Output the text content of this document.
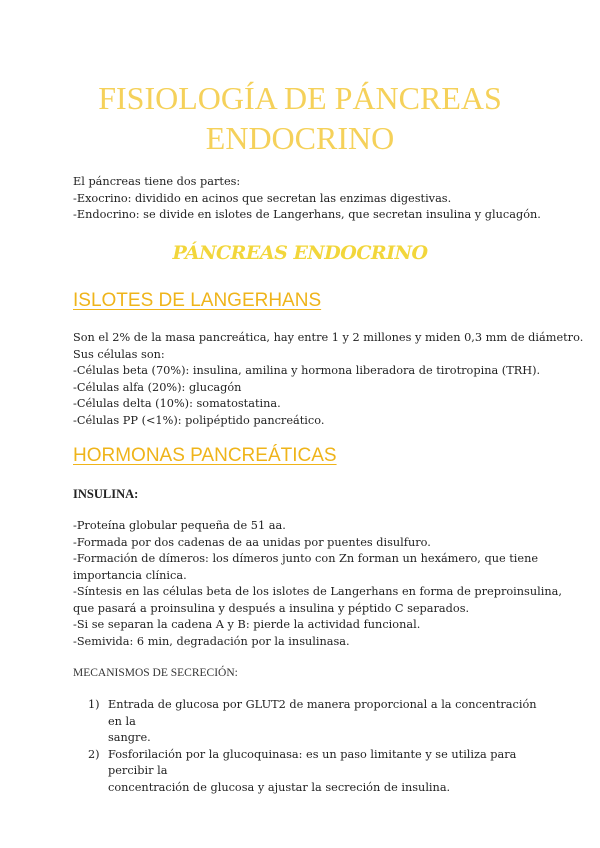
FISIOLOGÍA DE PÁNCREAS
ENDOCRINO
El páncreas tiene dos partes:
-Exocrino: dividido en acinos que secretan las enzimas digestivas.
-Endocrino: se divide en islotes de Langerhans, que secretan insulina y glucagón.
PÁNCREAS ENDOCRINO
ISLOTES DE LANGERHANS
Son el 2% de la masa pancreática, hay entre 1 y 2 millones y miden 0,3 mm de diámetro.
Sus células son:
-Células beta (70%): insulina, amilina y hormona liberadora de tirotropina (TRH).
-Células alfa (20%): glucagón
-Células delta (10%): somatostatina.
-Células PP (<1%): polipéptido pancreático.
HORMONAS PANCREÁTICAS
INSULINA:
-Proteína globular pequeña de 51 aa.
-Formada por dos cadenas de aa unidas por puentes disulfuro.
-Formación de dímeros: los dímeros junto con Zn forman un hexámero, que tiene
importancia clínica.
-Síntesis en las células beta de los islotes de Langerhans en forma de preproinsulina,
que pasará a proinsulina y después a insulina y péptido C separados.
-Si se separan la cadena A y B: pierde la actividad funcional.
-Semivida: 6 min, degradación por la insulinasa.

MECANISMOS DE SECRECIÓN:

1) Entrada de glucosa por GLUT2 de manera proporcional a la concentración en la
sangre.
2) Fosforilación por la glucoquinasa: es un paso limitante y se utiliza para percibir la
concentración de glucosa y ajustar la secreción de insulina.
